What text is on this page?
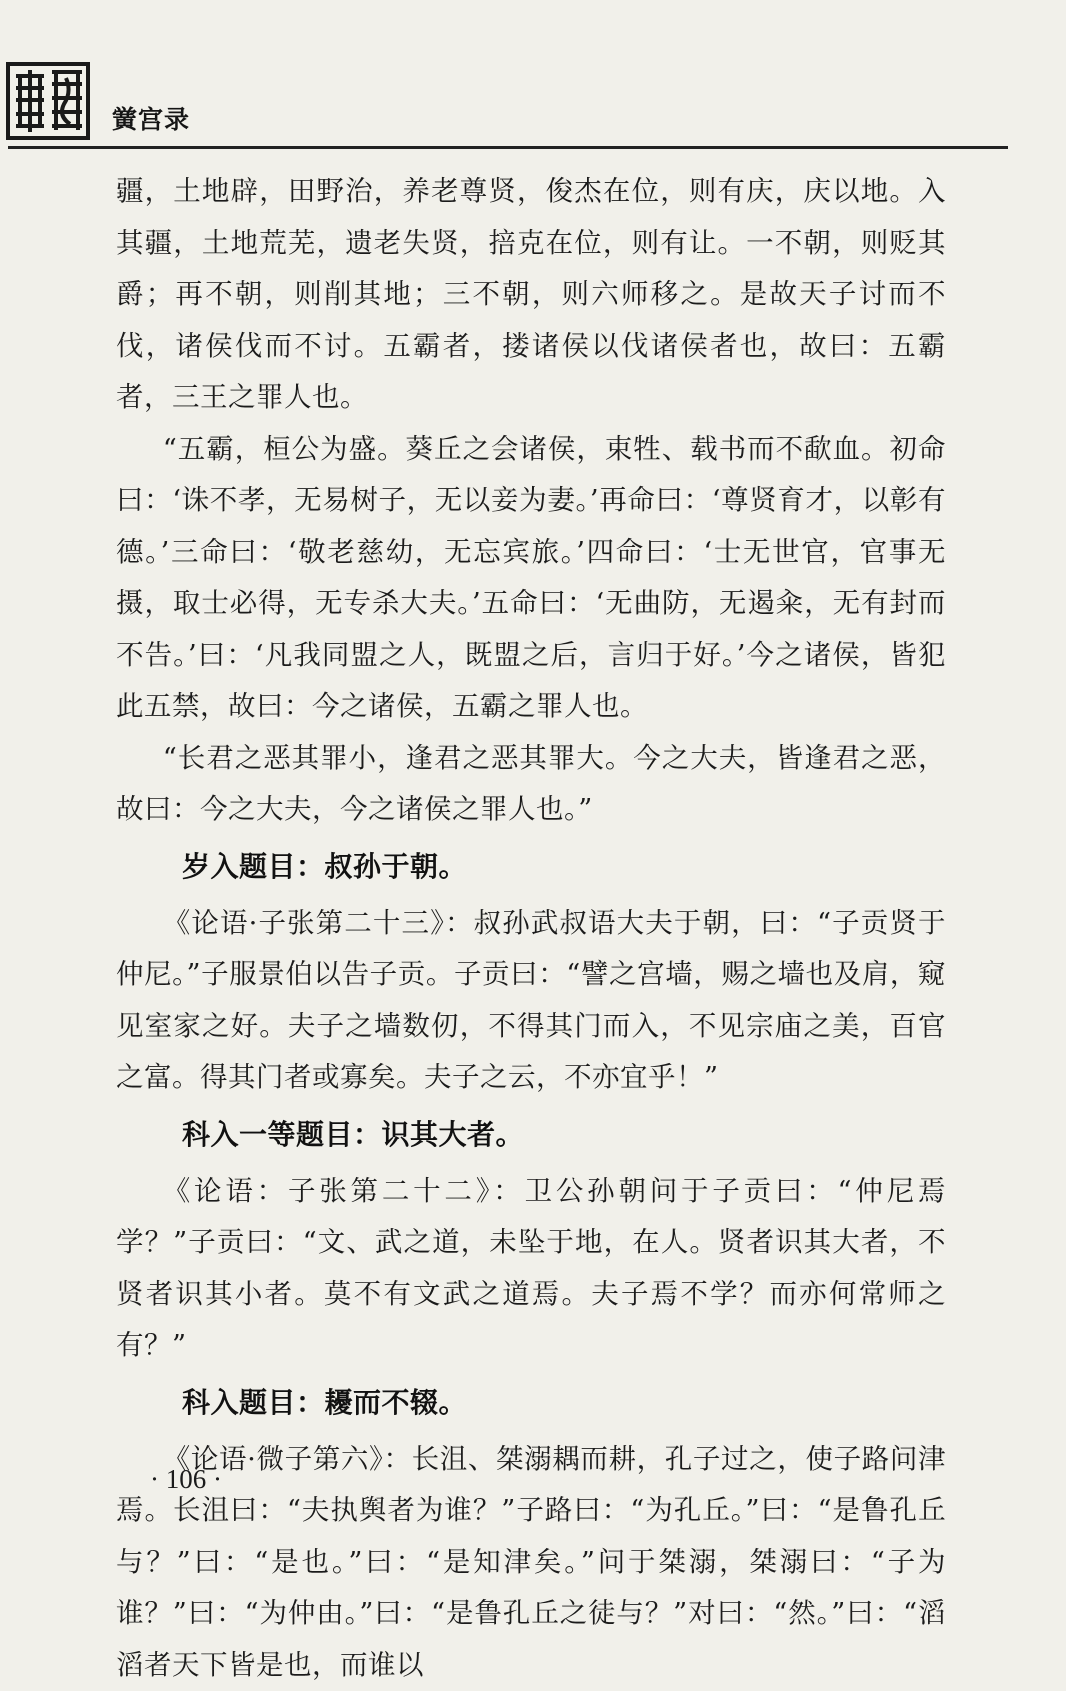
黉宫录

疆，土地辟，田野治，养老尊贤，俊杰在位，则有庆，庆以地。入其疆，土地荒芜，遗老失贤，掊克在位，则有让。一不朝，则贬其爵；再不朝，则削其地；三不朝，则六师移之。是故天子讨而不伐，诸侯伐而不讨。五霸者，搂诸侯以伐诸侯者也，故曰：五霸者，三王之罪人也。

“五霸，桓公为盛。葵丘之会诸侯，束牲、载书而不歃血。初命曰：‘诛不孝，无易树子，无以妾为妻。’再命曰：‘尊贤育才，以彰有德。’三命曰：‘敬老慈幼，无忘宾旅。’四命曰：‘士无世官，官事无摄，取士必得，无专杀大夫。’五命曰：‘无曲防，无遏籴，无有封而不告。’曰：‘凡我同盟之人，既盟之后，言归于好。’今之诸侯，皆犯此五禁，故曰：今之诸侯，五霸之罪人也。

“长君之恶其罪小，逢君之恶其罪大。今之大夫，皆逢君之恶，故曰：今之大夫，今之诸侯之罪人也。”

岁入题目：叔孙于朝。

《论语·子张第二十三》：叔孙武叔语大夫于朝，曰：“子贡贤于仲尼。”子服景伯以告子贡。子贡曰：“譬之宫墙，赐之墙也及肩，窥见室家之好。夫子之墙数仞，不得其门而入，不见宗庙之美，百官之富。得其门者或寡矣。夫子之云，不亦宜乎！”

科入一等题目：识其大者。

《论语：子张第二十二》：卫公孙朝问于子贡曰：“仲尼焉学？”子贡曰：“文、武之道，未坠于地，在人。贤者识其大者，不贤者识其小者。莫不有文武之道焉。夫子焉不学？而亦何常师之有？”

科入题目：耰而不辍。

《论语·微子第六》：长沮、桀溺耦而耕，孔子过之，使子路问津焉。长沮曰：“夫执舆者为谁？”子路曰：“为孔丘。”曰：“是鲁孔丘与？”曰：“是也。”曰：“是知津矣。”问于桀溺，桀溺曰：“子为谁？”曰：“为仲由。”曰：“是鲁孔丘之徒与？”对曰：“然。”曰：“滔滔者天下皆是也，而谁以

· 106 ·
